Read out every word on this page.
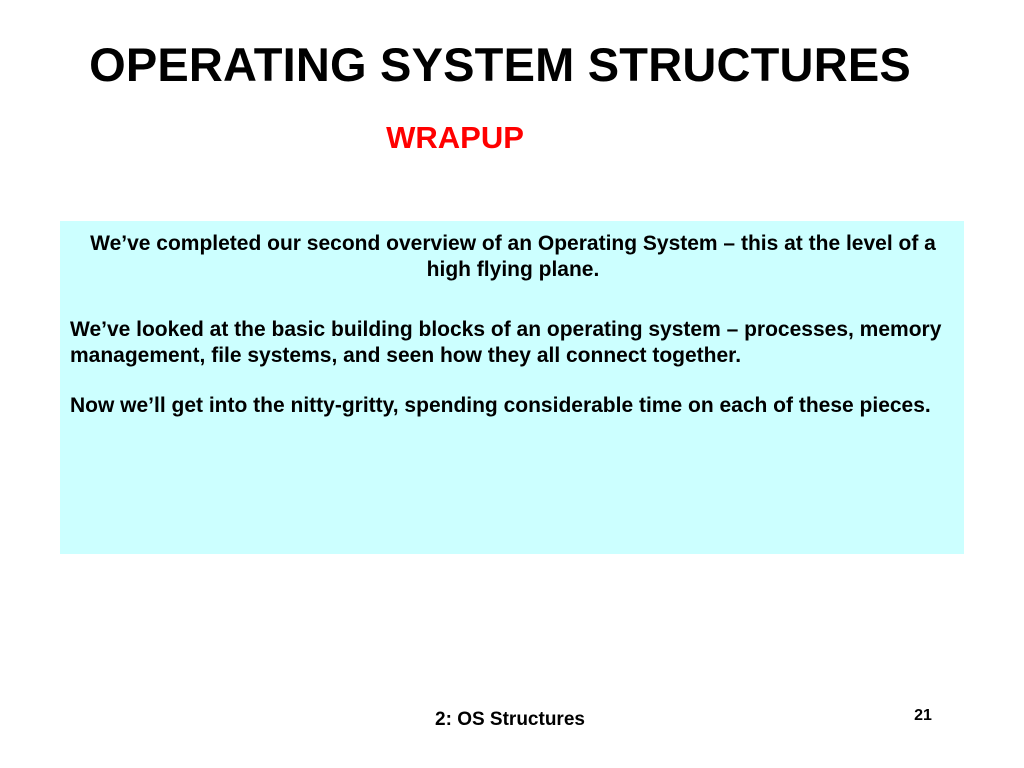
OPERATING SYSTEM STRUCTURES
WRAPUP

We’ve completed our second overview of an Operating System – this at the level of a high flying plane.

We’ve looked at the basic building blocks of an operating system – processes, memory management, file systems, and seen how they all connect together.

Now we’ll get into the nitty-gritty, spending considerable time on each of these pieces.

2: OS Structures	21
